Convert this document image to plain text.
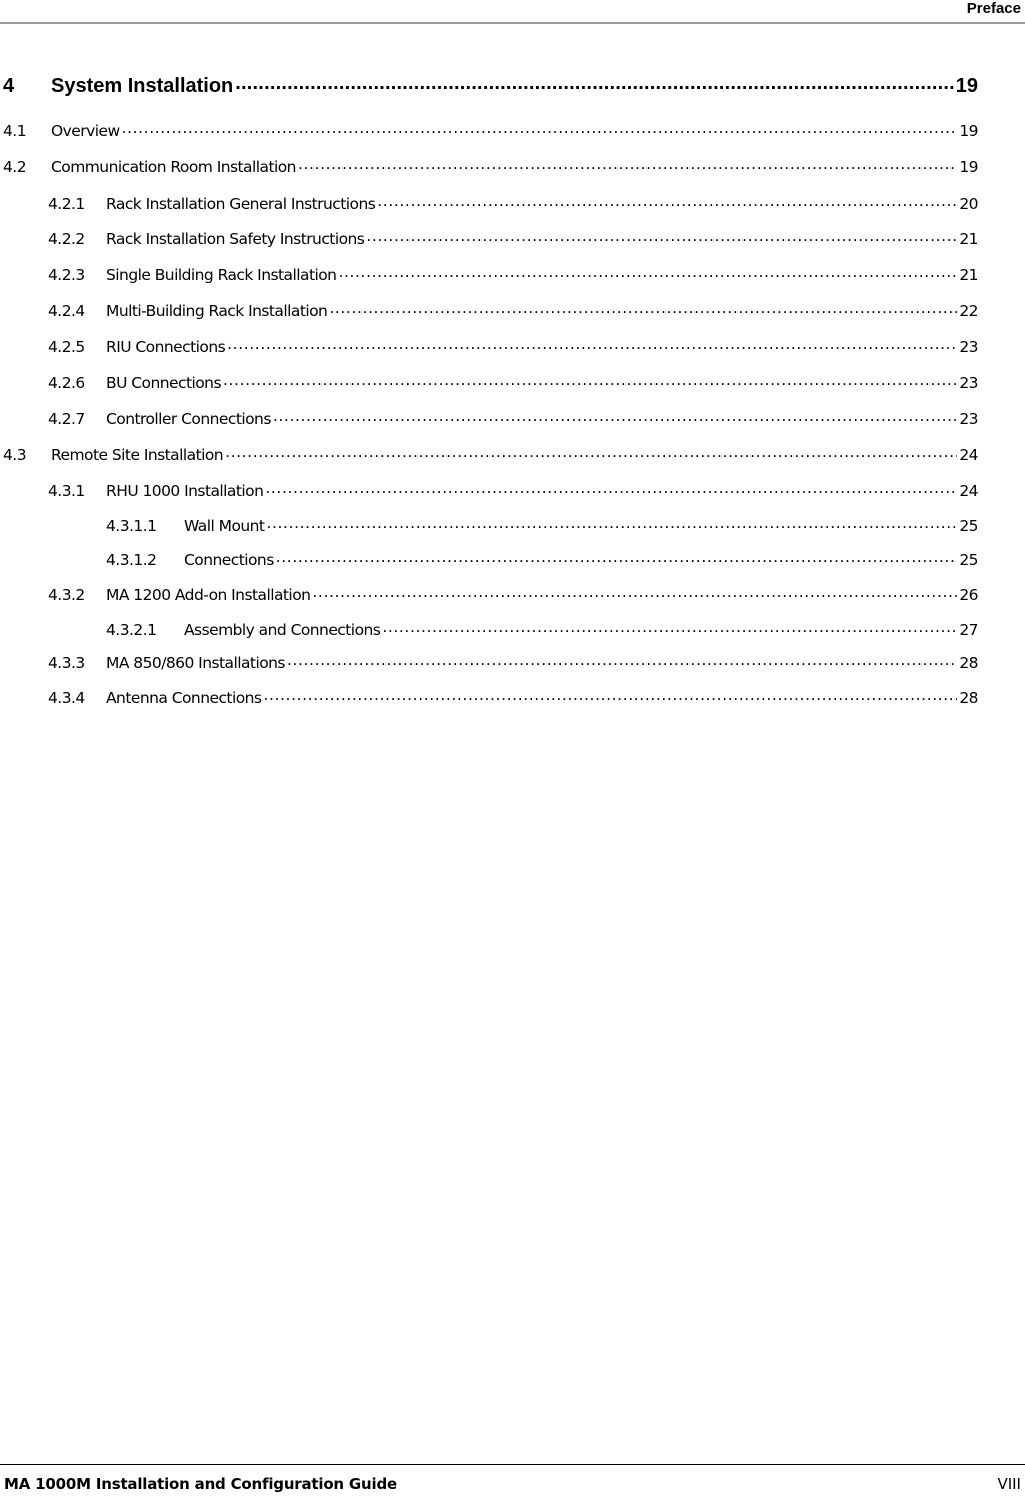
Preface
4	System Installation .....	19
4.1	Overview .....	19
4.2	Communication Room Installation .....	19
4.2.1	Rack Installation General Instructions .....	20
4.2.2	Rack Installation Safety Instructions .....	21
4.2.3	Single Building Rack Installation .....	21
4.2.4	Multi-Building Rack Installation .....	22
4.2.5	RIU Connections .....	23
4.2.6	BU Connections .....	23
4.2.7	Controller Connections .....	23
4.3	Remote Site Installation .....	24
4.3.1	RHU 1000 Installation .....	24
4.3.1.1	Wall Mount .....	25
4.3.1.2	Connections .....	25
4.3.2	MA 1200 Add-on Installation .....	26
4.3.2.1	Assembly and Connections .....	27
4.3.3	MA 850/860 Installations .....	28
4.3.4	Antenna Connections .....	28
MA 1000M Installation and Configuration Guide	VIII
